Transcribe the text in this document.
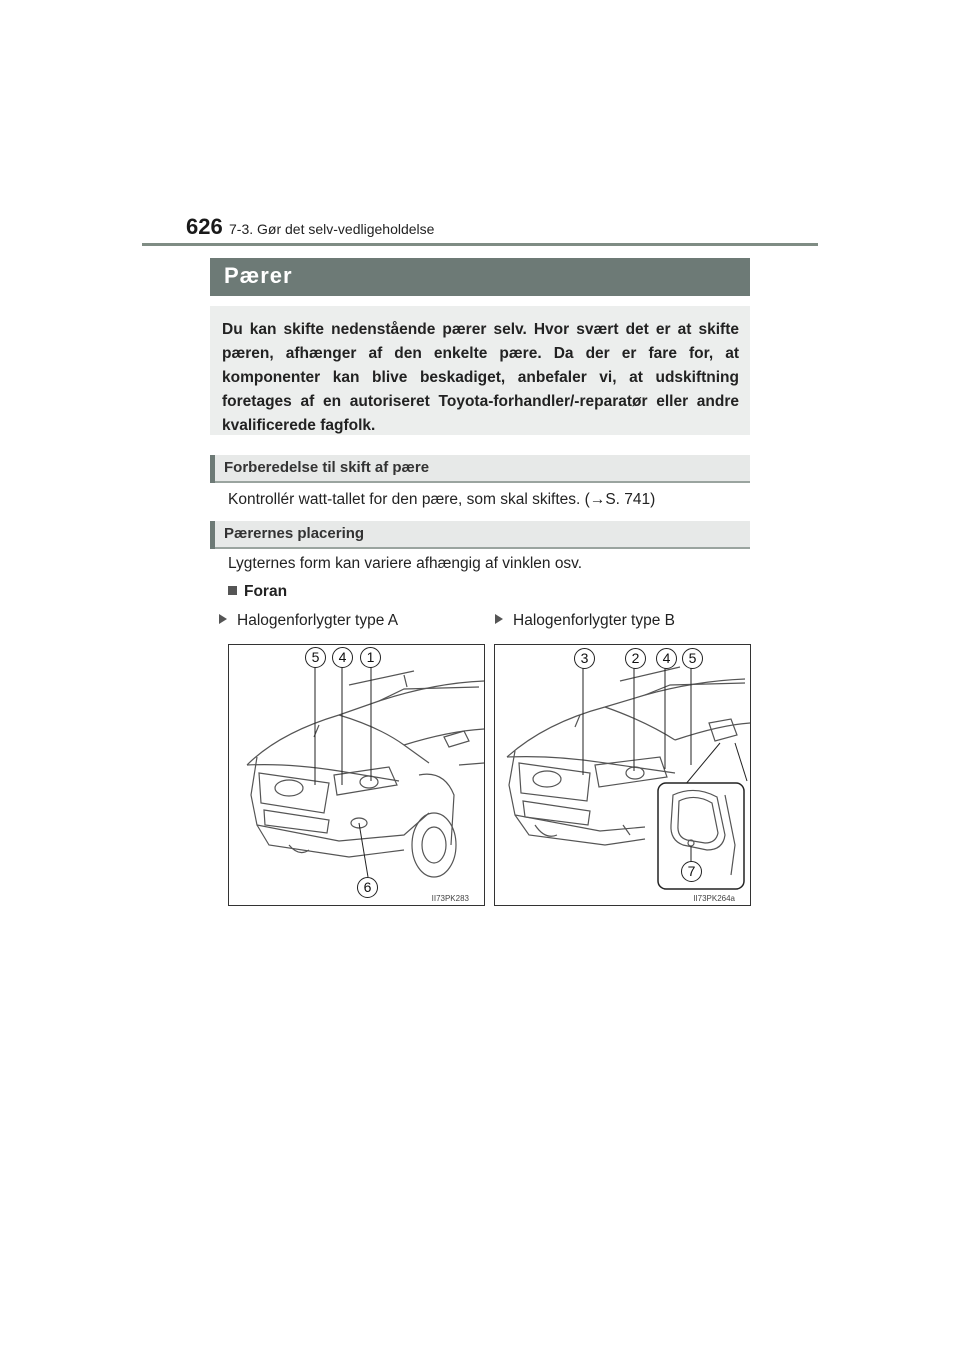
626 7-3. Gør det selv-vedligeholdelse
Pærer

Du kan skifte nedenstående pærer selv. Hvor svært det er at skifte pæren, afhænger af den enkelte pære. Da der er fare for, at komponenter kan blive beskadiget, anbefaler vi, at udskiftning foretages af en autoriseret Toyota-forhandler/-reparatør eller andre kvalificerede fagfolk.

Forberedelse til skift af pære
Kontrollér watt-tallet for den pære, som skal skiftes. (→S. 741)
Pærernes placering
Lygternes form kan variere afhængig af vinklen osv.
Foran
Halogenforlygter type A	Halogenforlygter type B
II73PK283
5	4	1
6
II73PK264a
3	2	4	5
7
